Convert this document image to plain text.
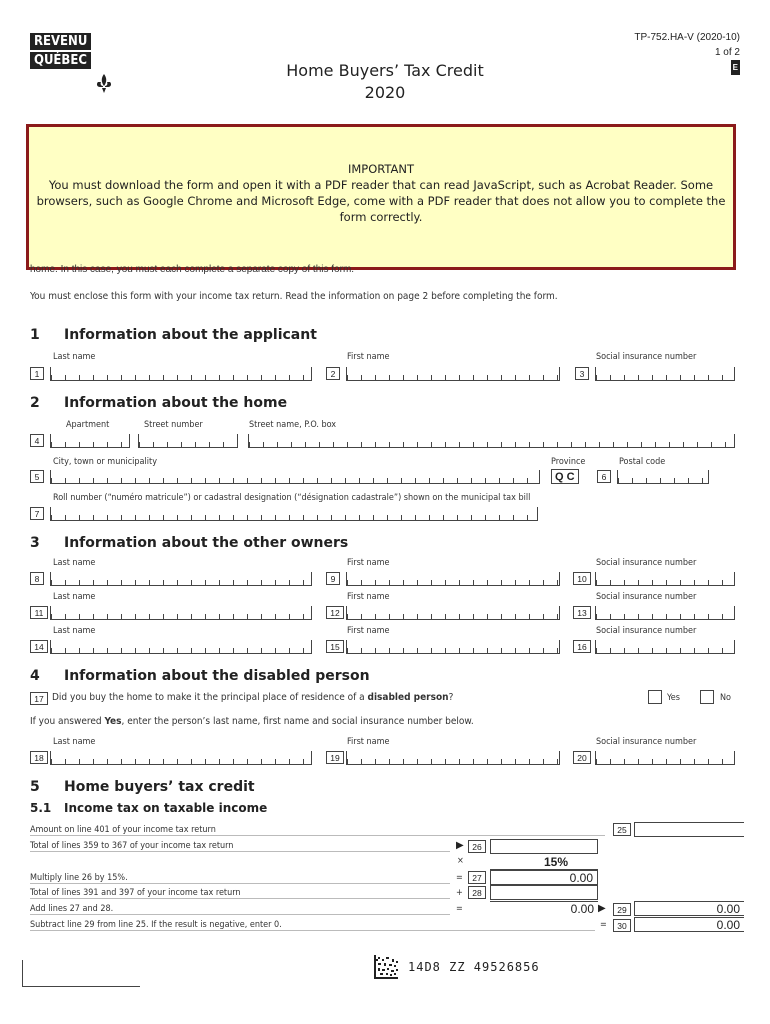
REVENU
QUÉBEC
Home Buyers’ Tax Credit
2020
TP-752.HA-V (2020-10)
1 of 2
E
IMPORTANT
You must download the form and open it with a PDF reader that can read JavaScript, such as Acrobat Reader. Some browsers, such as Google Chrome and Microsoft Edge, come with a PDF reader that does not allow you to complete the form correctly.
home. In this case, you must each complete a separate copy of this form.
You must enclose this form with your income tax return. Read the information on page 2 before completing the form.
1 Information about the applicant
Last name	First name	Social insurance number
1	2	3
2 Information about the home
Apartment	Street number	Street name, P.O. box
4
City, town or municipality	Province	Postal code
5	Q C	6
Roll number (“numéro matricule”) or cadastral designation (“désignation cadastrale”) shown on the municipal tax bill
7
3 Information about the other owners
Last name	First name	Social insurance number
8	9	10
Last name	First name	Social insurance number
11	12	13
Last name	First name	Social insurance number
14	15	16
4 Information about the disabled person
17 Did you buy the home to make it the principal place of residence of a disabled person?	Yes	No
If you answered Yes, enter the person’s last name, first name and social insurance number below.
Last name	First name	Social insurance number
18	19	20
5 Home buyers’ tax credit
5.1 Income tax on taxable income
Amount on line 401 of your income tax return	25
Total of lines 359 to 367 of your income tax return	▶	26
×	15%
Multiply line 26 by 15%.	=	27	0.00
Total of lines 391 and 397 of your income tax return	+	28
Add lines 27 and 28.	=	0.00 ▶	29	0.00
Subtract line 29 from line 25. If the result is negative, enter 0.	=	30	0.00
14D8 ZZ 49526856
